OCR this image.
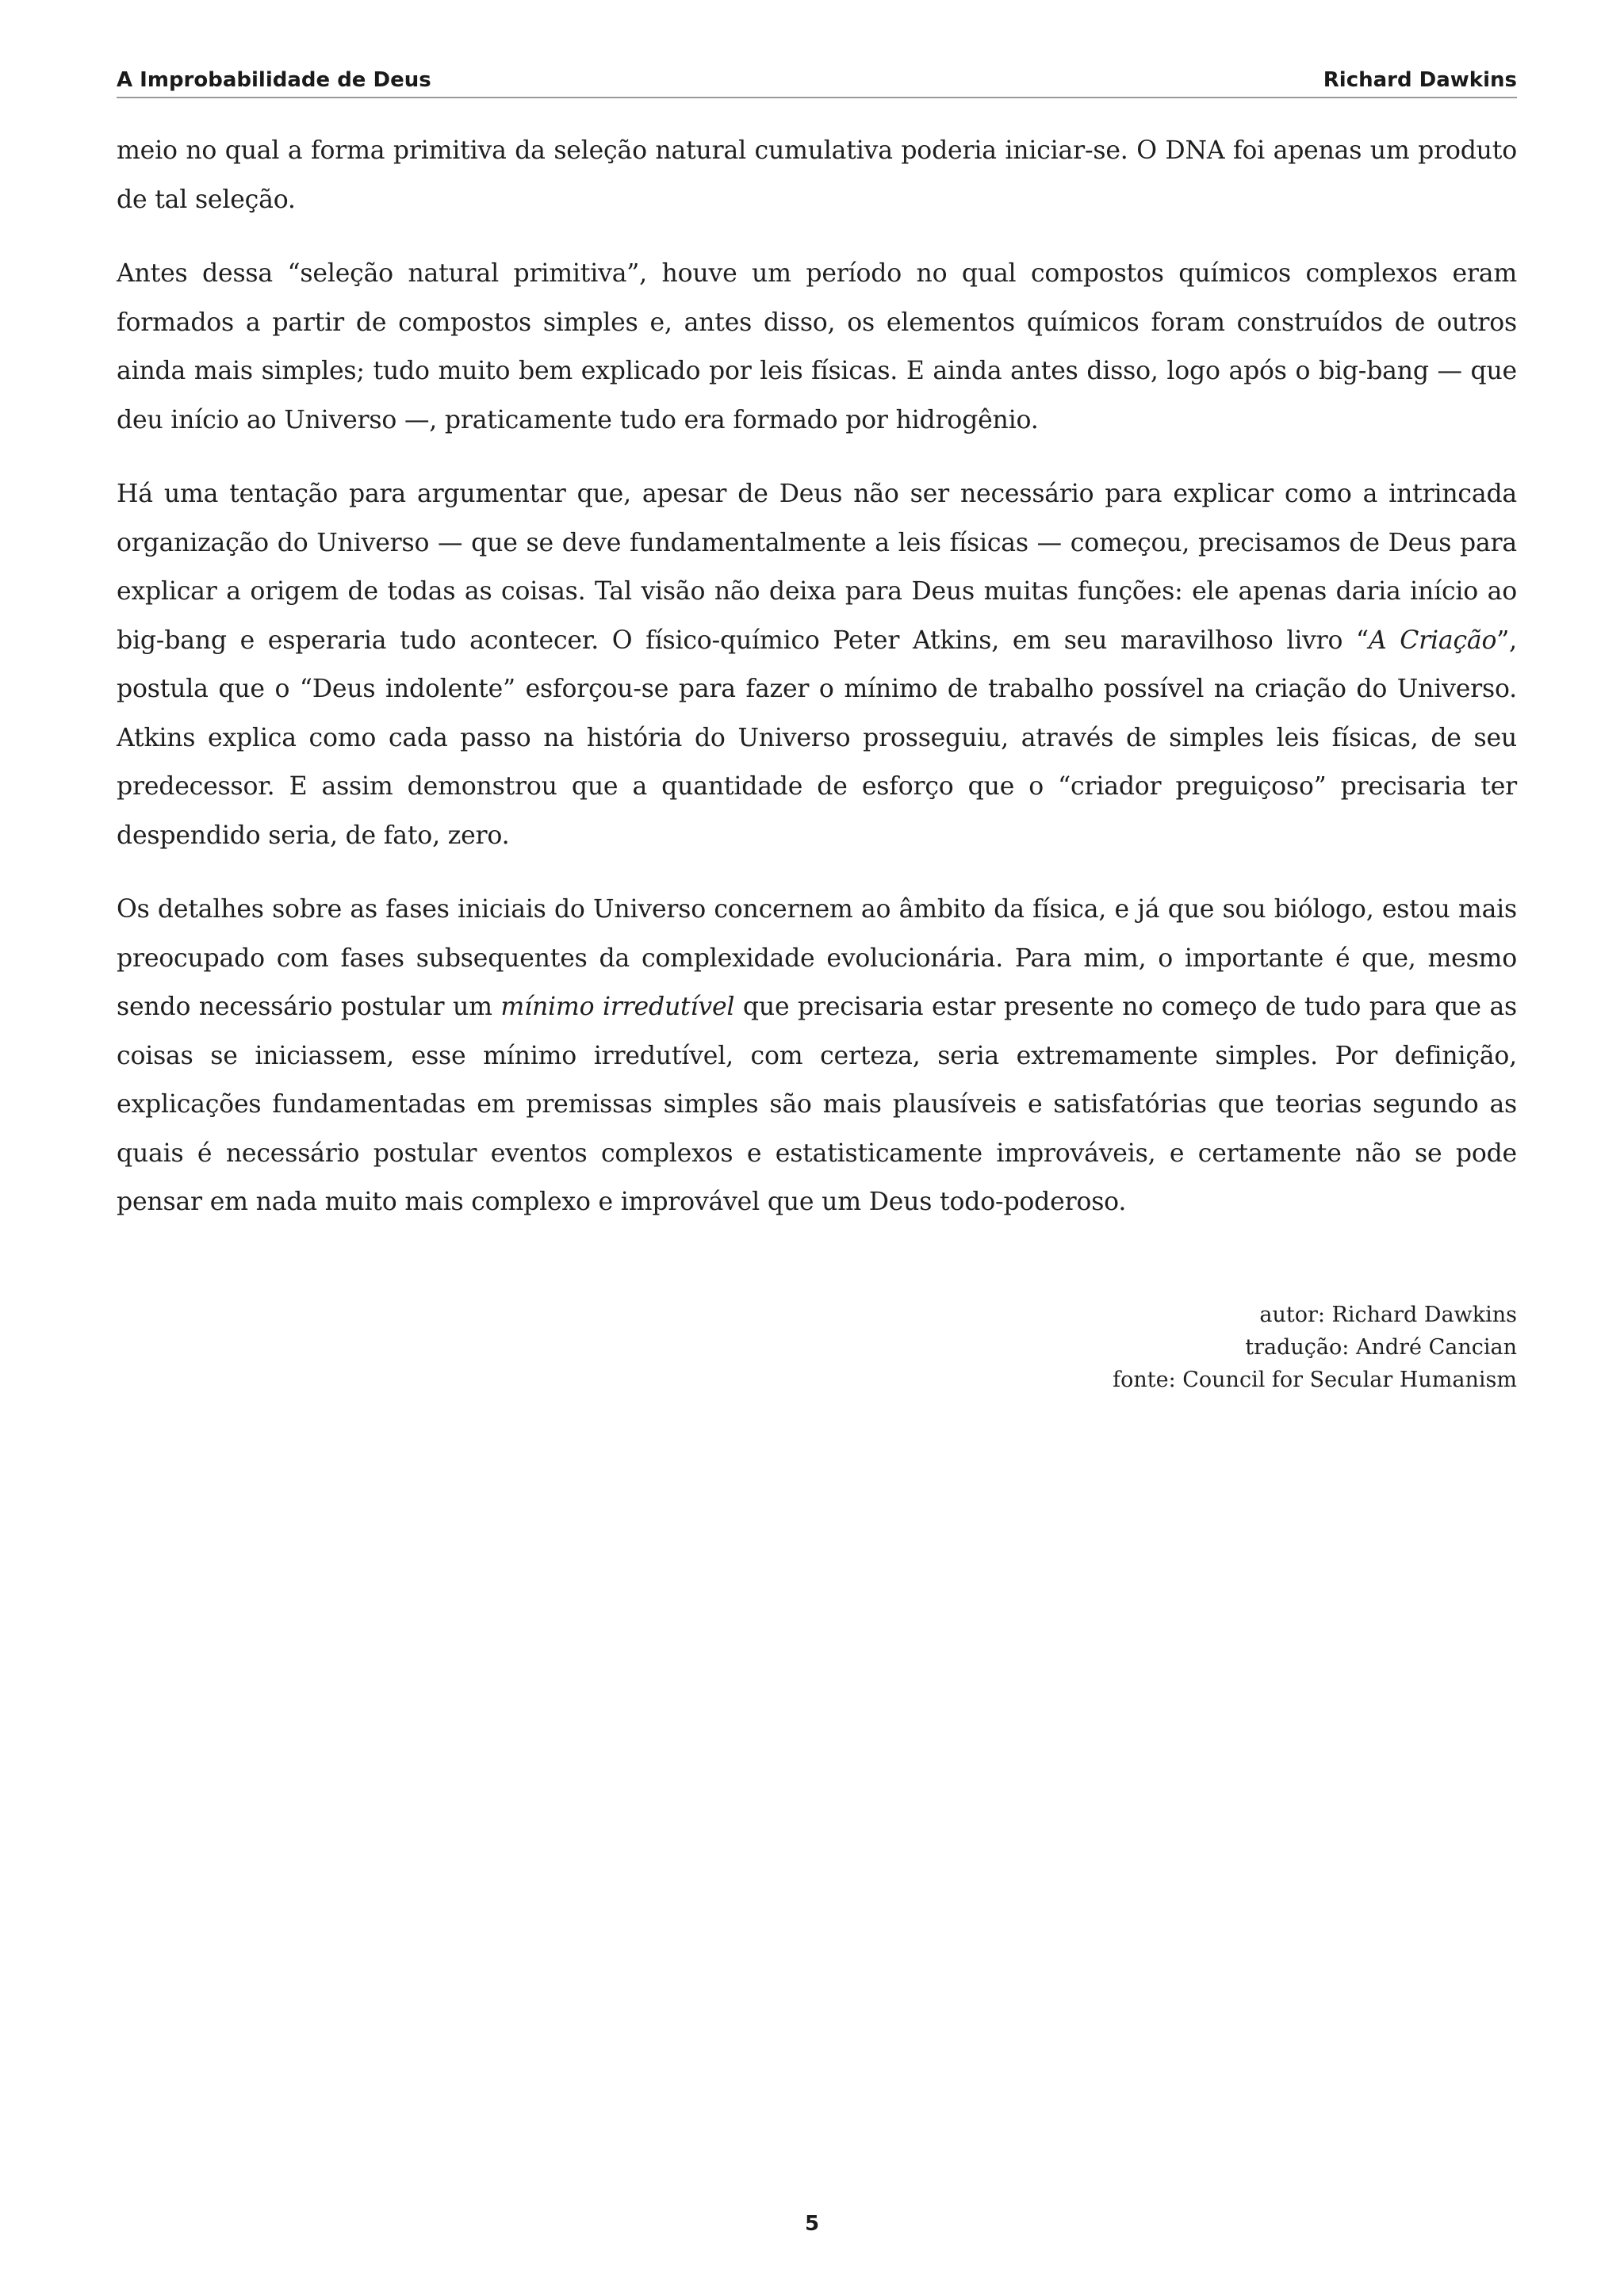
A Improbabilidade de Deus	Richard Dawkins

meio no qual a forma primitiva da seleção natural cumulativa poderia iniciar-se. O DNA foi apenas um produto de tal seleção.

Antes dessa “seleção natural primitiva”, houve um período no qual compostos químicos complexos eram formados a partir de compostos simples e, antes disso, os elementos químicos foram construídos de outros ainda mais simples; tudo muito bem explicado por leis físicas. E ainda antes disso, logo após o big-bang — que deu início ao Universo —, praticamente tudo era formado por hidrogênio.

Há uma tentação para argumentar que, apesar de Deus não ser necessário para explicar como a intrincada organização do Universo — que se deve fundamentalmente a leis físicas — começou, precisamos de Deus para explicar a origem de todas as coisas. Tal visão não deixa para Deus muitas funções: ele apenas daria início ao big-bang e esperaria tudo acontecer. O físico-químico Peter Atkins, em seu maravilhoso livro “A Criação”, postula que o “Deus indolente” esforçou-se para fazer o mínimo de trabalho possível na criação do Universo. Atkins explica como cada passo na história do Universo prosseguiu, através de simples leis físicas, de seu predecessor. E assim demonstrou que a quantidade de esforço que o “criador preguiçoso” precisaria ter despendido seria, de fato, zero.

Os detalhes sobre as fases iniciais do Universo concernem ao âmbito da física, e já que sou biólogo, estou mais preocupado com fases subsequentes da complexidade evolucionária. Para mim, o importante é que, mesmo sendo necessário postular um mínimo irredutível que precisaria estar presente no começo de tudo para que as coisas se iniciassem, esse mínimo irredutível, com certeza, seria extremamente simples. Por definição, explicações fundamentadas em premissas simples são mais plausíveis e satisfatórias que teorias segundo as quais é necessário postular eventos complexos e estatisticamente improváveis, e certamente não se pode pensar em nada muito mais complexo e improvável que um Deus todo-poderoso.

autor: Richard Dawkins
tradução: André Cancian
fonte: Council for Secular Humanism
5
